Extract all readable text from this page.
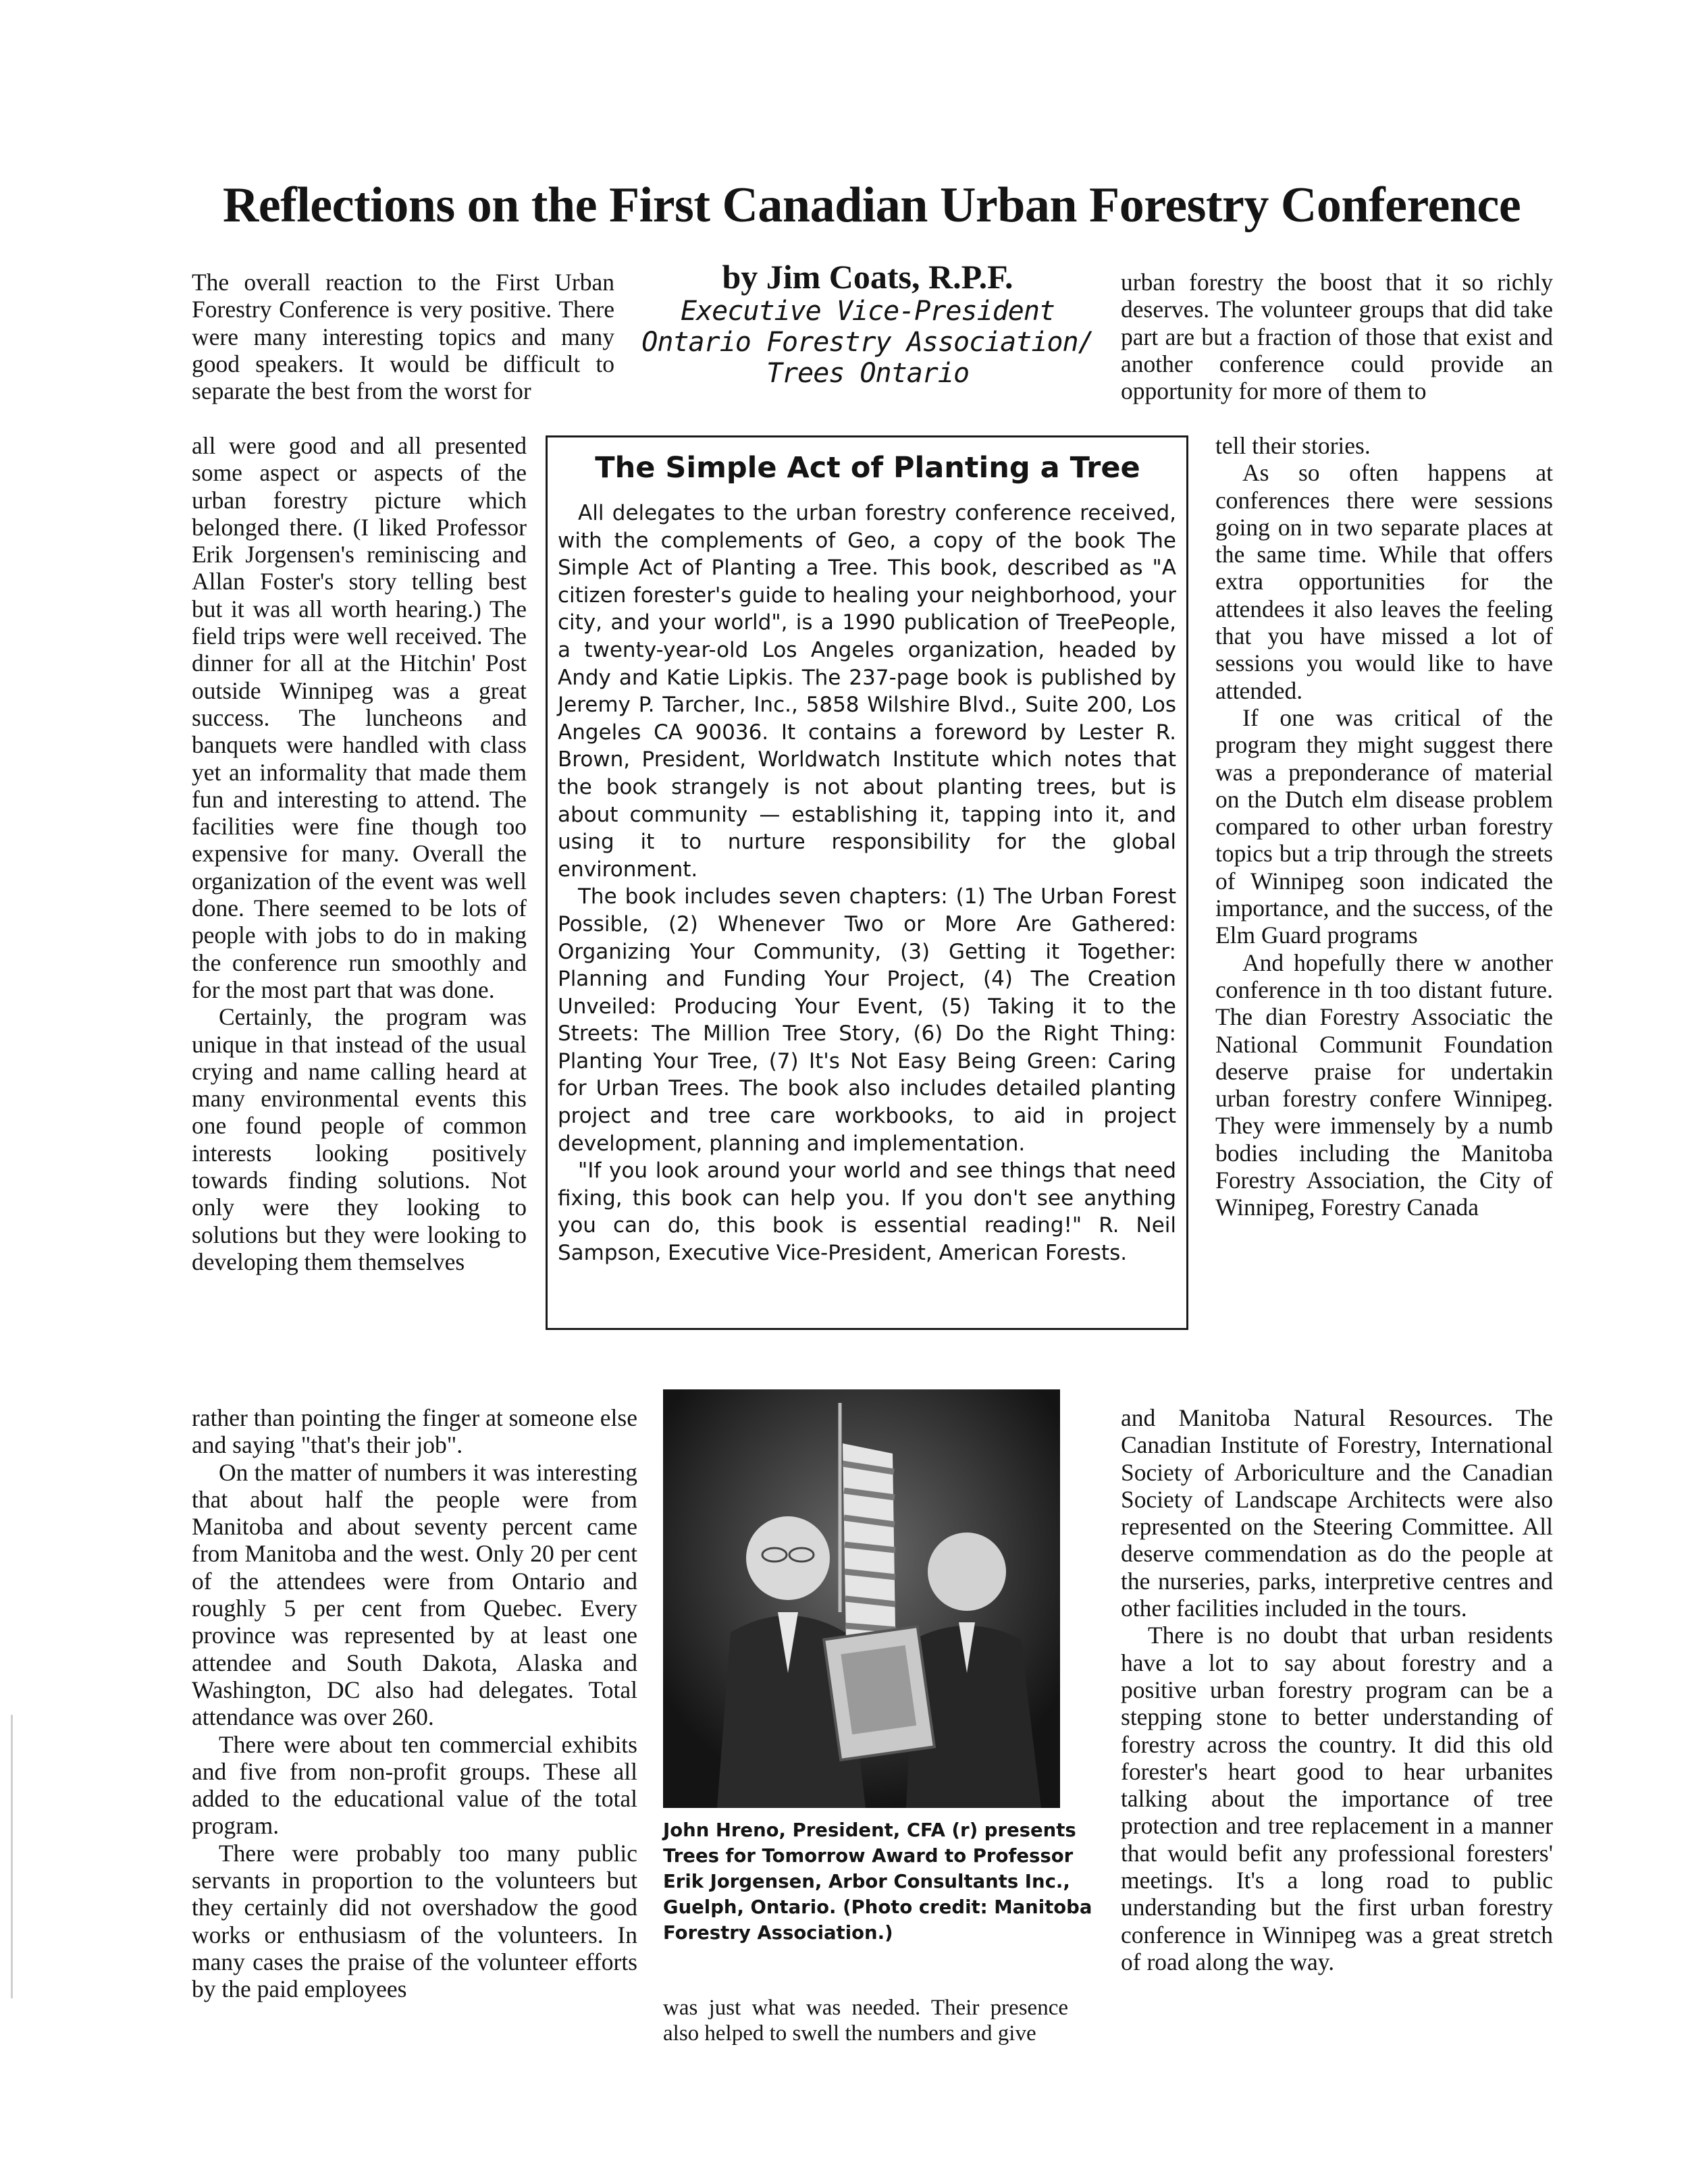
Reflections on the First Canadian Urban Forestry Conference
by Jim Coats, R.P.F.
Executive Vice-President
Ontario Forestry Association/
Trees Ontario

The overall reaction to the First Urban Forestry Conference is very positive. There were many interesting topics and many good speakers. It would be difficult to separate the best from the worst for

all were good and all presented some aspect or aspects of the urban forestry picture which belonged there. (I liked Professor Erik Jorgensen's reminiscing and Allan Foster's story telling best but it was all worth hearing.) The field trips were well received. The dinner for all at the Hitchin' Post outside Winnipeg was a great success. The luncheons and banquets were handled with class yet an informality that made them fun and interesting to attend. The facilities were fine though too expensive for many. Overall the organization of the event was well done. There seemed to be lots of people with jobs to do in making the conference run smoothly and for the most part that was done.

Certainly, the program was unique in that instead of the usual crying and name calling heard at many environmental events this one found people of common interests looking positively towards finding solutions. Not only were they looking to solutions but they were looking to developing them themselves

rather than pointing the finger at someone else and saying "that's their job".

On the matter of numbers it was interesting that about half the people were from Manitoba and about seventy percent came from Manitoba and the west. Only 20 per cent of the attendees were from Ontario and roughly 5 per cent from Quebec. Every province was represented by at least one attendee and South Dakota, Alaska and Washington, DC also had delegates. Total attendance was over 260.

There were about ten commercial exhibits and five from non-profit groups. These all added to the educational value of the total program.

There were probably too many public servants in proportion to the volunteers but they certainly did not overshadow the good works or enthusiasm of the volunteers. In many cases the praise of the volunteer efforts by the paid employees

The Simple Act of Planting a Tree

All delegates to the urban forestry conference received, with the complements of Geo, a copy of the book The Simple Act of Planting a Tree. This book, described as "A citizen forester's guide to healing your neighborhood, your city, and your world", is a 1990 publication of TreePeople, a twenty-year-old Los Angeles organization, headed by Andy and Katie Lipkis. The 237-page book is published by Jeremy P. Tarcher, Inc., 5858 Wilshire Blvd., Suite 200, Los Angeles CA 90036. It contains a foreword by Lester R. Brown, President, Worldwatch Institute which notes that the book strangely is not about planting trees, but is about community — establishing it, tapping into it, and using it to nurture responsibility for the global environment.

The book includes seven chapters: (1) The Urban Forest Possible, (2) Whenever Two or More Are Gathered: Organizing Your Community, (3) Getting it Together: Planning and Funding Your Project, (4) The Creation Unveiled: Producing Your Event, (5) Taking it to the Streets: The Million Tree Story, (6) Do the Right Thing: Planting Your Tree, (7) It's Not Easy Being Green: Caring for Urban Trees. The book also includes detailed planting project and tree care workbooks, to aid in project development, planning and implementation.

"If you look around your world and see things that need fixing, this book can help you. If you don't see anything you can do, this book is essential reading!" R. Neil Sampson, Executive Vice-President, American Forests.

John Hreno, President, CFA (r) presents Trees for Tomorrow Award to Professor Erik Jorgensen, Arbor Consultants Inc., Guelph, Ontario. (Photo credit: Manitoba Forestry Association.)

was just what was needed. Their presence also helped to swell the numbers and give

urban forestry the boost that it so richly deserves. The volunteer groups that did take part are but a fraction of those that exist and another conference could provide an opportunity for more of them to

tell their stories.

As so often happens at conferences there were sessions going on in two separate places at the same time. While that offers extra opportunities for the attendees it also leaves the feeling that you have missed a lot of sessions you would like to have attended.

If one was critical of the program they might suggest there was a preponderance of material on the Dutch elm disease problem compared to other urban forestry topics but a trip through the streets of Winnipeg soon indicated the importance, and the success, of the Elm Guard programs

And hopefully there w another conference in th too distant future. The dian Forestry Associatic the National Communit Foundation deserve praise for undertakin urban forestry confere Winnipeg. They were immensely by a numb bodies including the Manitoba Forestry Association, the City of Winnipeg, Forestry Canada

and Manitoba Natural Resources. The Canadian Institute of Forestry, International Society of Arboriculture and the Canadian Society of Landscape Architects were also represented on the Steering Committee. All deserve commendation as do the people at the nurseries, parks, interpretive centres and other facilities included in the tours.

There is no doubt that urban residents have a lot to say about forestry and a positive urban forestry program can be a stepping stone to better understanding of forestry across the country. It did this old forester's heart good to hear urbanites talking about the importance of tree protection and tree replacement in a manner that would befit any professional foresters' meetings. It's a long road to public understanding but the first urban forestry conference in Winnipeg was a great stretch of road along the way.
